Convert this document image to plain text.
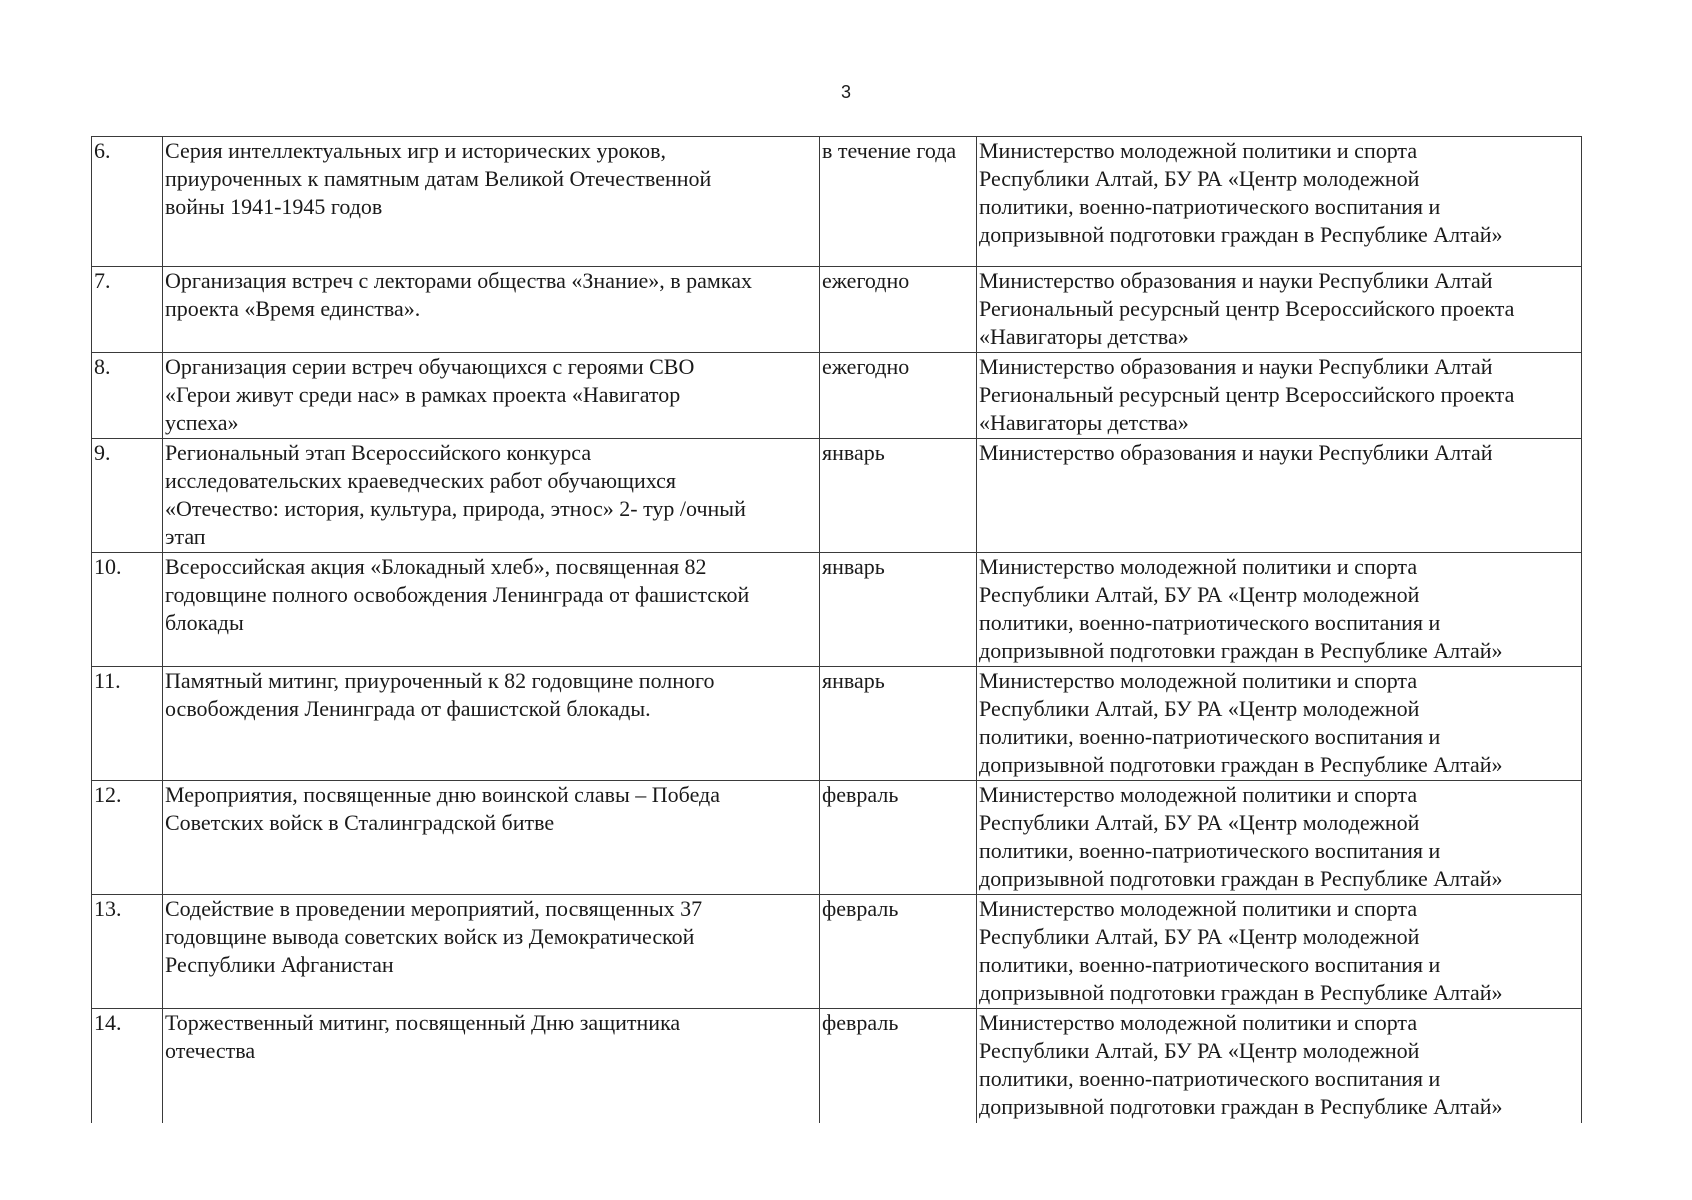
3
6.	Серия интеллектуальных игр и исторических уроков,
приуроченных к памятным датам Великой Отечественной
войны 1941-1945 годов	в течение года	Министерство молодежной политики и спорта
Республики Алтай, БУ РА «Центр молодежной
политики, военно-патриотического воспитания и
допризывной подготовки граждан в Республике Алтай»
7.	Организация встреч с лекторами общества «Знание», в рамках
проекта «Время единства».	ежегодно	Министерство образования и науки Республики Алтай
Региональный ресурсный центр Всероссийского проекта
«Навигаторы детства»
8.	Организация серии встреч обучающихся с героями СВО
«Герои живут среди нас» в рамках проекта «Навигатор
успеха»	ежегодно	Министерство образования и науки Республики Алтай
Региональный ресурсный центр Всероссийского проекта
«Навигаторы детства»
9.	Региональный этап Всероссийского конкурса
исследовательских краеведческих работ обучающихся
«Отечество: история, культура, природа, этнос» 2- тур /очный
этап	январь	Министерство образования и науки Республики Алтай
10.	Всероссийская акция «Блокадный хлеб», посвященная 82
годовщине полного освобождения Ленинграда от фашистской
блокады	январь	Министерство молодежной политики и спорта
Республики Алтай, БУ РА «Центр молодежной
политики, военно-патриотического воспитания и
допризывной подготовки граждан в Республике Алтай»
11.	Памятный митинг, приуроченный к 82 годовщине полного
освобождения Ленинграда от фашистской блокады.	январь	Министерство молодежной политики и спорта
Республики Алтай, БУ РА «Центр молодежной
политики, военно-патриотического воспитания и
допризывной подготовки граждан в Республике Алтай»
12.	Мероприятия, посвященные дню воинской славы – Победа
Советских войск в Сталинградской битве	февраль	Министерство молодежной политики и спорта
Республики Алтай, БУ РА «Центр молодежной
политики, военно-патриотического воспитания и
допризывной подготовки граждан в Республике Алтай»
13.	Содействие в проведении мероприятий, посвященных 37
годовщине вывода советских войск из Демократической
Республики Афганистан	февраль	Министерство молодежной политики и спорта
Республики Алтай, БУ РА «Центр молодежной
политики, военно-патриотического воспитания и
допризывной подготовки граждан в Республике Алтай»
14.	Торжественный митинг, посвященный Дню защитника
отечества	февраль	Министерство молодежной политики и спорта
Республики Алтай, БУ РА «Центр молодежной
политики, военно-патриотического воспитания и
допризывной подготовки граждан в Республике Алтай»
